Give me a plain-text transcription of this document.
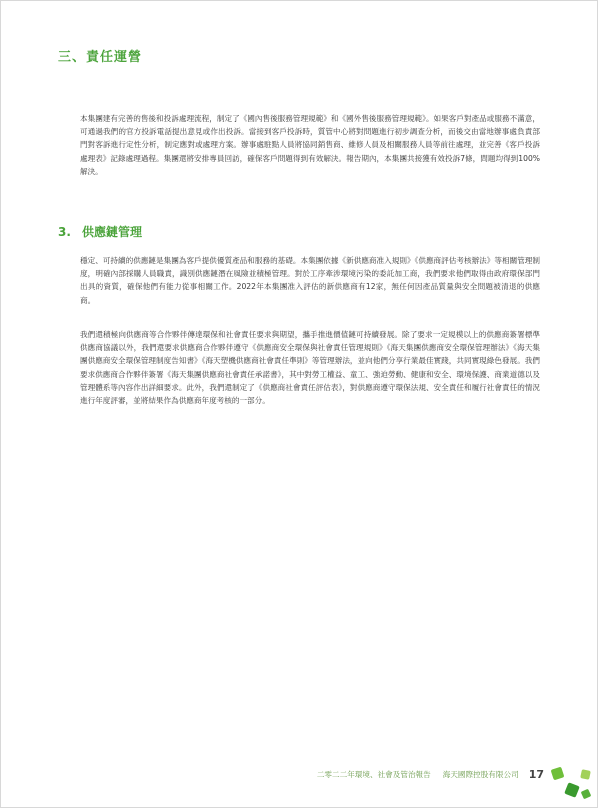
三、責任運營

本集團建有完善的售後和投訴處理流程，制定了《國內售後服務管理規範》和《國外售後服務管理規範》。如果客戶對產品或服務不滿意，可通過我們的官方投訴電話提出意見或作出投訴。當接到客戶投訴時，質管中心將對問題進行初步調查分析，而後交由當地辦事處負責部門對客訴進行定性分析，制定應對或處理方案。辦事處駐點人員將協同銷售商、維修人員及相關服務人員等前往處理，並完善《客戶投訴處理表》記錄處理過程。集團還將安排專員回訪，確保客戶問題得到有效解決。報告期內，本集團共接獲有效投訴7條，問題均得到100%解決。

3. 供應鏈管理

穩定、可持續的供應鏈是集團為客戶提供優質產品和服務的基礎。本集團依據《新供應商准入規則》《供應商評估考核辦法》等相關管理制度，明確內部採購人員職責，識別供應鏈潛在風險並積極管理。對於工序牽涉環境污染的委託加工商，我們要求他們取得由政府環保部門出具的資質，確保他們有能力從事相關工作。2022年本集團准入評估的新供應商有12家，無任何因產品質量與安全問題被清退的供應商。

我們還積極向供應商等合作夥伴傳達環保和社會責任要求與期望，攜手推進價值鏈可持續發展。除了要求一定規模以上的供應商簽署標準供應商協議以外，我們還要求供應商合作夥伴遵守《供應商安全環保與社會責任管理規則》《海天集團供應商安全環保管理辦法》《海天集團供應商安全環保管理制度告知書》《海天塑機供應商社會責任準則》等管理辦法，並向他們分享行業最佳實踐，共同實現綠色發展。我們要求供應商合作夥伴簽署《海天集團供應商社會責任承諾書》，其中對勞工權益、童工、強迫勞動、健康和安全、環境保護、商業道德以及管理體系等內容作出詳細要求。此外，我們還制定了《供應商社會責任評估表》，對供應商遵守環保法規、安全責任和履行社會責任的情況進行年度評審，並將結果作為供應商年度考核的一部分。

二零二二年環境、社會及管治報告 海天國際控股有限公司 17
